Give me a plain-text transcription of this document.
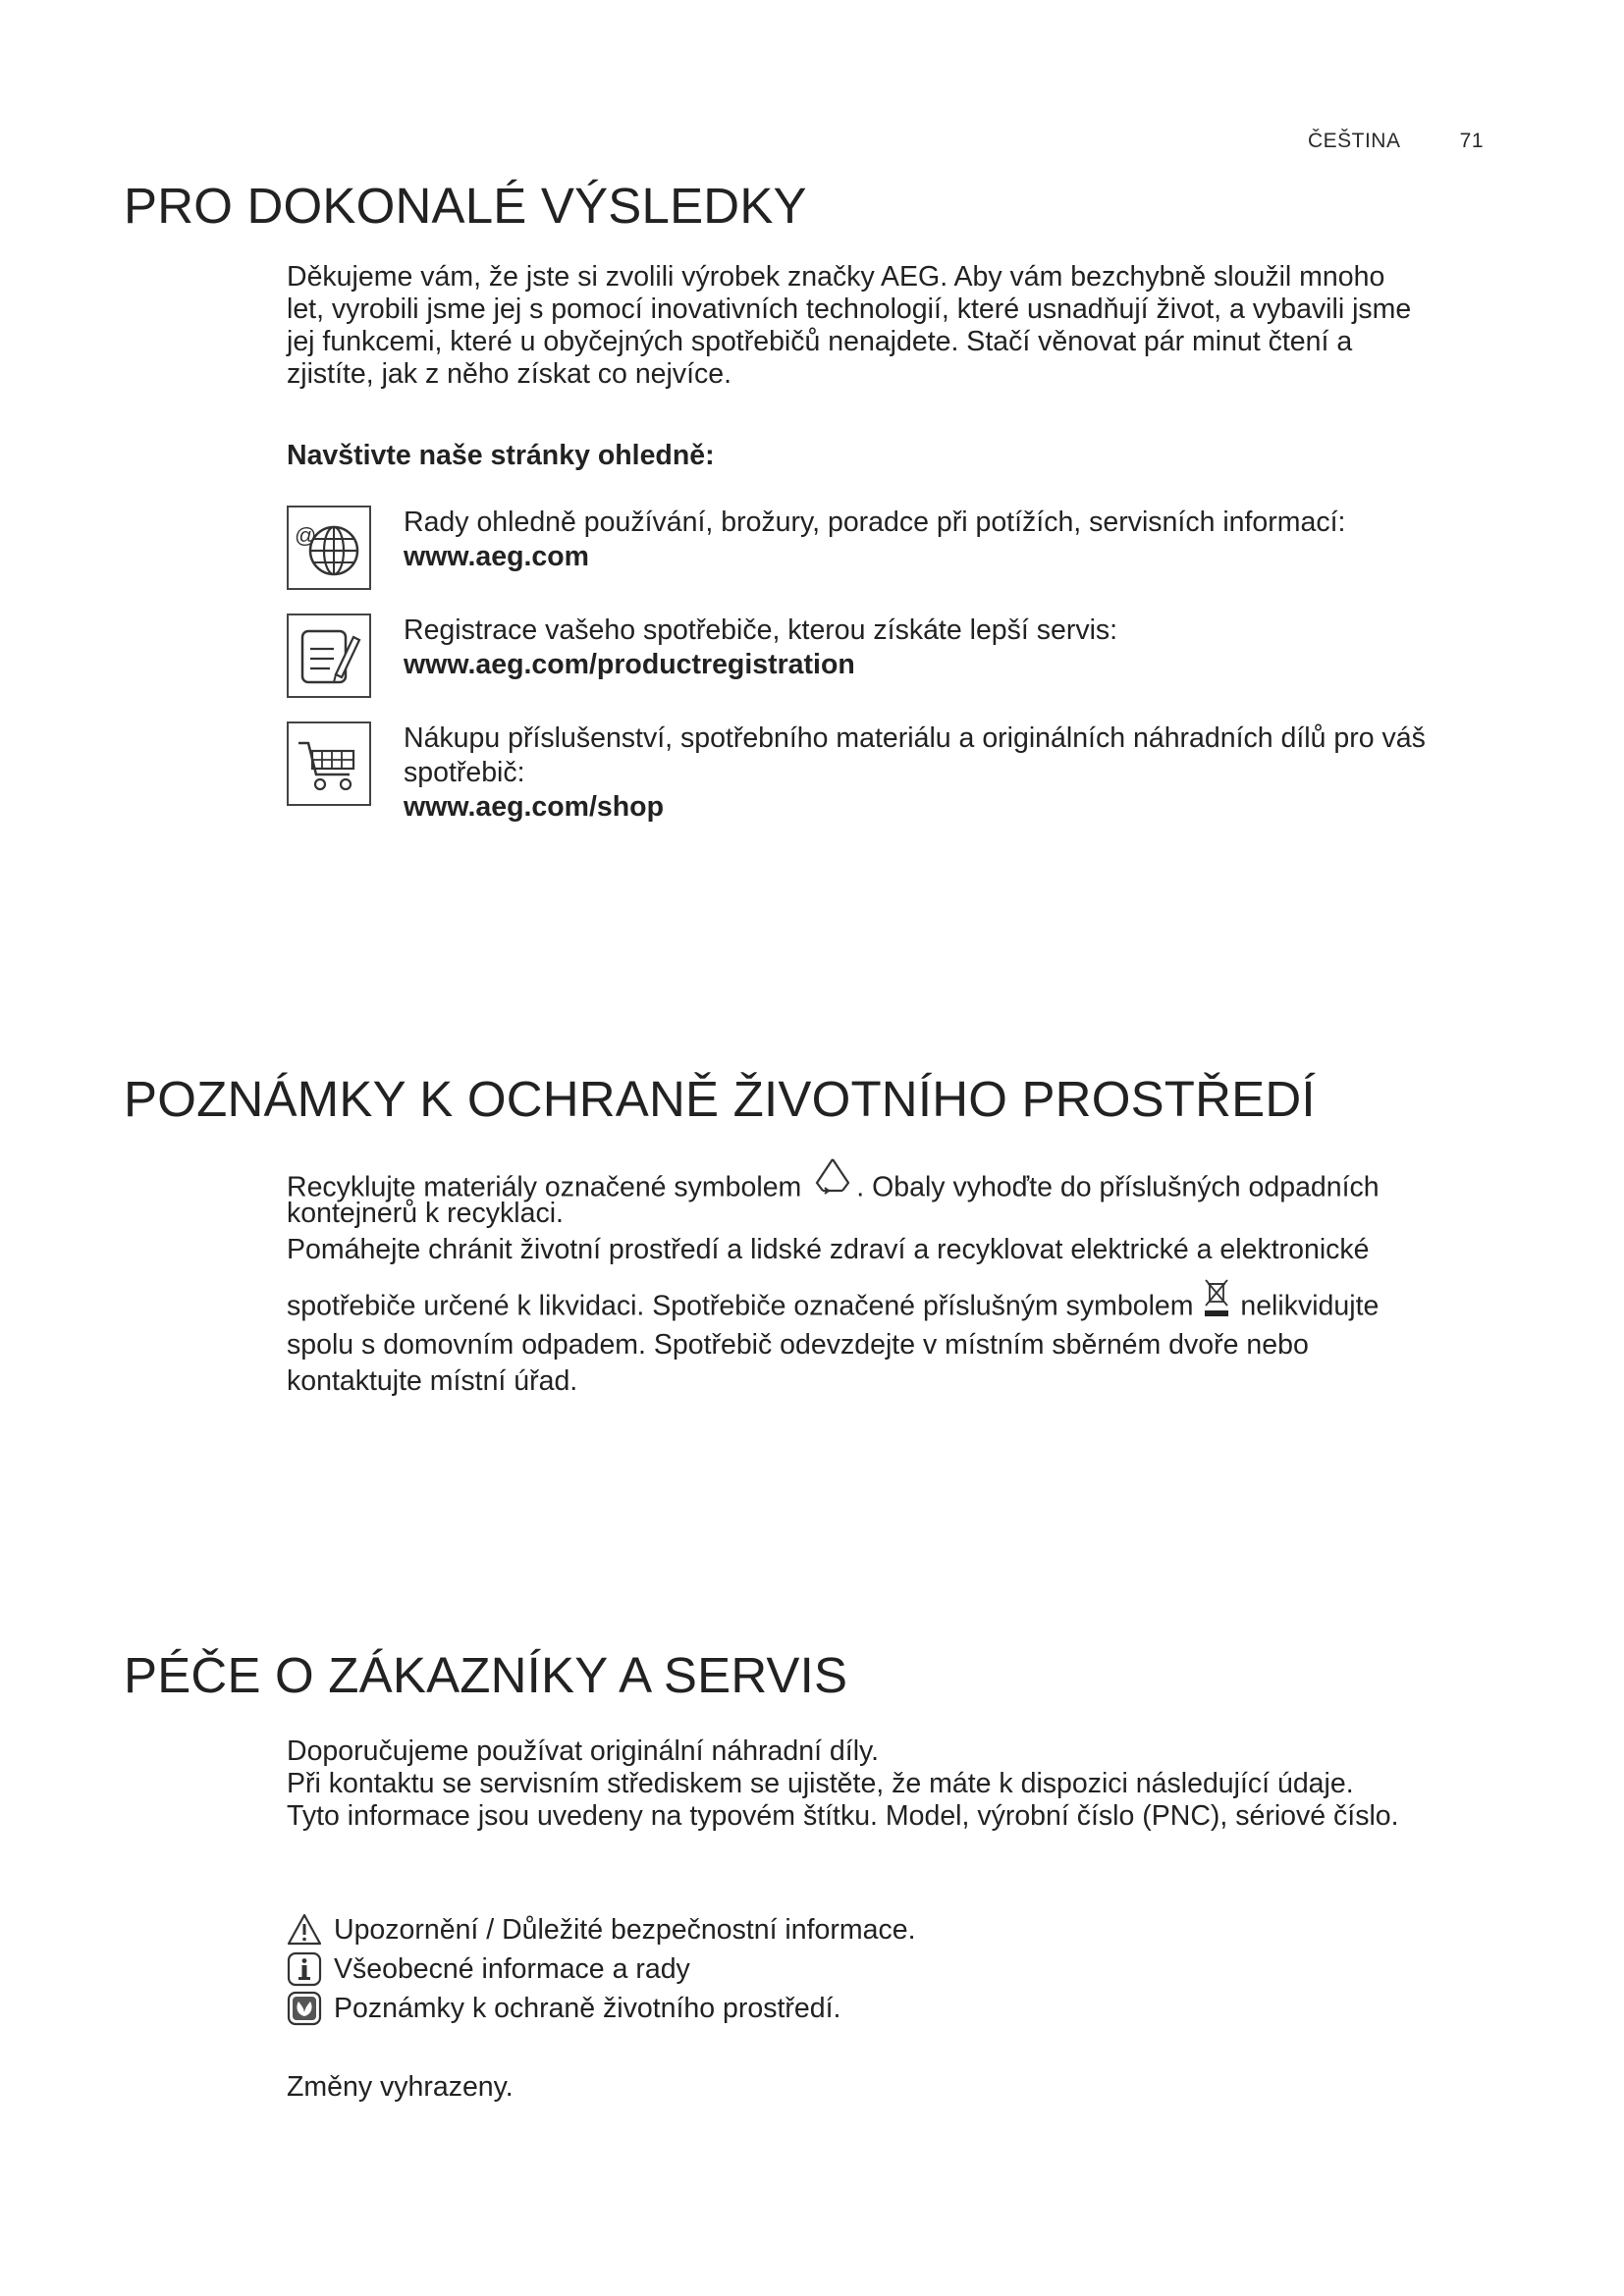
ČEŠTINA	71
PRO DOKONALÉ VÝSLEDKY
Děkujeme vám, že jste si zvolili výrobek značky AEG. Aby vám bezchybně sloužil mnoho
let, vyrobili jsme jej s pomocí inovativních technologií, které usnadňují život, a vybavili jsme
jej funkcemi, které u obyčejných spotřebičů nenajdete. Stačí věnovat pár minut čtení a
zjistíte, jak z něho získat co nejvíce.
Navštivte naše stránky ohledně:
@	Rady ohledně používání, brožury, poradce při potížích, servisních informací:
www.aeg.com
Registrace vašeho spotřebiče, kterou získáte lepší servis:
www.aeg.com/productregistration
Nákupu příslušenství, spotřebního materiálu a originálních náhradních dílů pro váš
spotřebič:
www.aeg.com/shop
POZNÁMKY K OCHRANĚ ŽIVOTNÍHO PROSTŘEDÍ
Recyklujte materiály označené symbolem . Obaly vyhoďte do příslušných odpadních
kontejnerů k recyklaci.
Pomáhejte chránit životní prostředí a lidské zdraví a recyklovat elektrické a elektronické
spotřebiče určené k likvidaci. Spotřebiče označené příslušným symbolem nelikvidujte
spolu s domovním odpadem. Spotřebič odevzdejte v místním sběrném dvoře nebo
kontaktujte místní úřad.
PÉČE O ZÁKAZNÍKY A SERVIS
Doporučujeme používat originální náhradní díly.
Při kontaktu se servisním střediskem se ujistěte, že máte k dispozici následující údaje.
Tyto informace jsou uvedeny na typovém štítku. Model, výrobní číslo (PNC), sériové číslo.
Upozornění / Důležité bezpečnostní informace.
Všeobecné informace a rady
Poznámky k ochraně životního prostředí.
Změny vyhrazeny.
